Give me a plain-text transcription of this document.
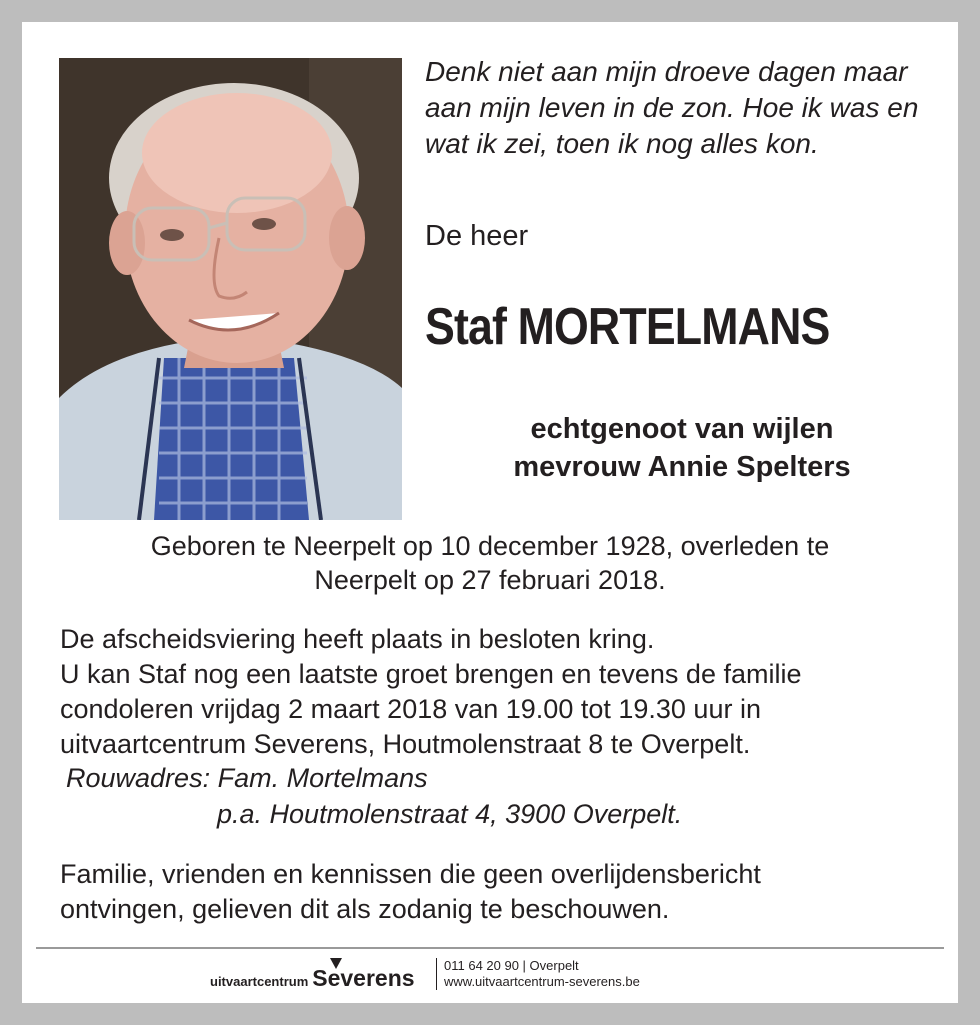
Denk niet aan mijn droeve dagen maar aan mijn leven in de zon. Hoe ik was en wat ik zei, toen ik nog alles kon.
De heer
Staf MORTELMANS
echtgenoot van wijlen
mevrouw Annie Spelters
Geboren te Neerpelt op 10 december 1928, overleden te
Neerpelt op 27 februari 2018.
De afscheidsviering heeft plaats in besloten kring.
U kan Staf nog een laatste groet brengen en tevens de familie
condoleren vrijdag 2 maart 2018 van 19.00 tot 19.30 uur in
uitvaartcentrum Severens, Houtmolenstraat 8 te Overpelt.
Rouwadres: Fam. Mortelmans
p.a. Houtmolenstraat 4, 3900 Overpelt.
Familie, vrienden en kennissen die geen overlijdensbericht
ontvingen, gelieven dit als zodanig te beschouwen.
uitvaartcentrum Severens 011 64 20 90 | Overpelt
www.uitvaartcentrum-severens.be
